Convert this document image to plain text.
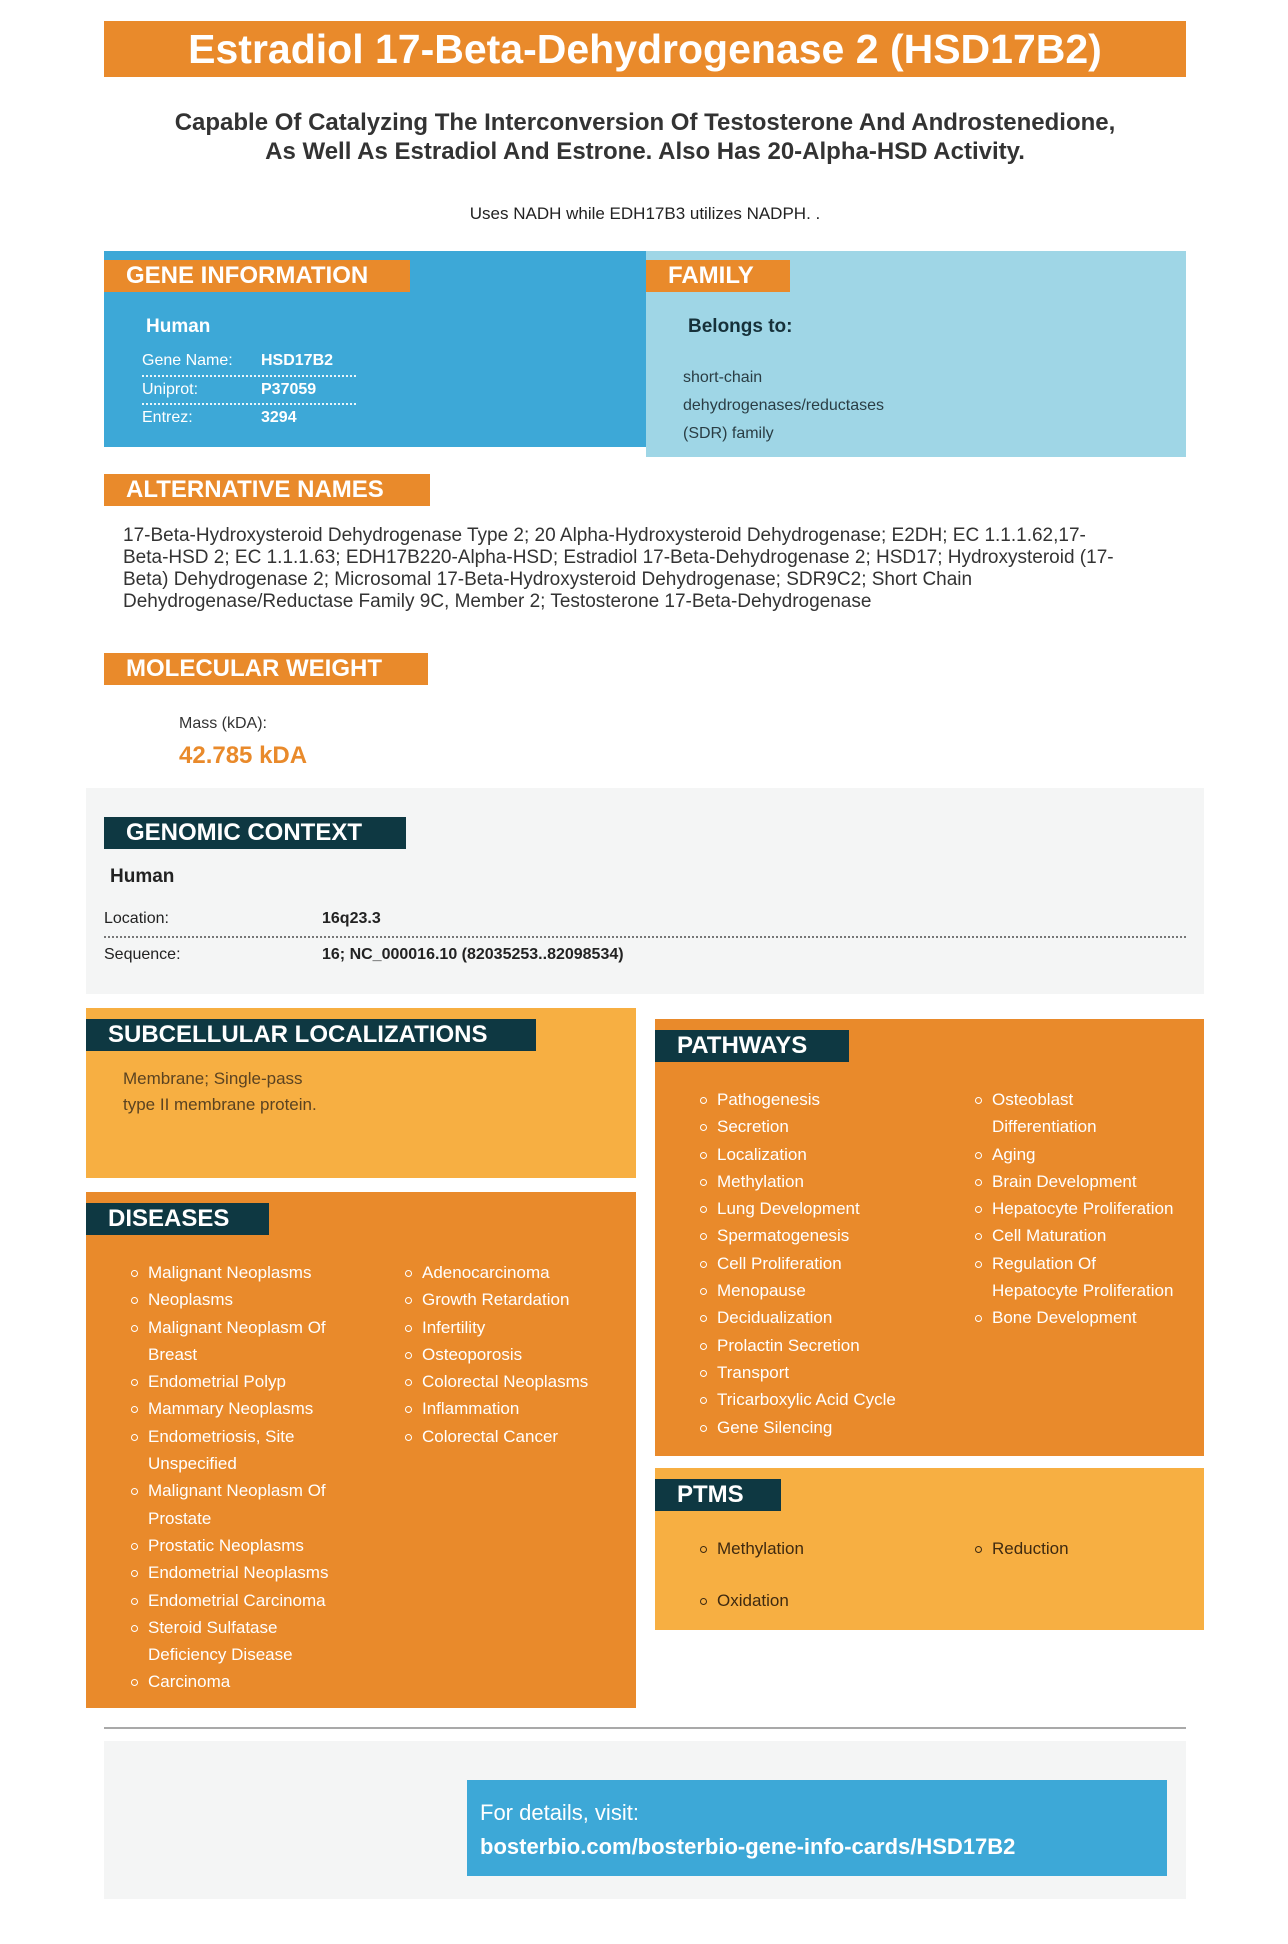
Estradiol 17-Beta-Dehydrogenase 2 (HSD17B2)
Capable Of Catalyzing The Interconversion Of Testosterone And Androstenedione,
As Well As Estradiol And Estrone. Also Has 20-Alpha-HSD Activity.
Uses NADH while EDH17B3 utilizes NADPH. .
GENE INFORMATION
Human
Gene Name:	HSD17B2
Uniprot:	P37059
Entrez:	3294
FAMILY
Belongs to:
short-chain
dehydrogenases/reductases
(SDR) family
ALTERNATIVE NAMES
17-Beta-Hydroxysteroid Dehydrogenase Type 2; 20 Alpha-Hydroxysteroid Dehydrogenase; E2DH; EC 1.1.1.62,17-
Beta-HSD 2; EC 1.1.1.63; EDH17B220-Alpha-HSD; Estradiol 17-Beta-Dehydrogenase 2; HSD17; Hydroxysteroid (17-
Beta) Dehydrogenase 2; Microsomal 17-Beta-Hydroxysteroid Dehydrogenase; SDR9C2; Short Chain
Dehydrogenase/Reductase Family 9C, Member 2; Testosterone 17-Beta-Dehydrogenase
MOLECULAR WEIGHT
Mass (kDA):
42.785 kDA
GENOMIC CONTEXT
Human
Location:	16q23.3
Sequence:	16; NC_000016.10 (82035253..82098534)
SUBCELLULAR LOCALIZATIONS
Membrane; Single-pass
type II membrane protein.
DISEASES
Malignant Neoplasms
Neoplasms
Malignant Neoplasm Of
Breast
Endometrial Polyp
Mammary Neoplasms
Endometriosis, Site
Unspecified
Malignant Neoplasm Of
Prostate
Prostatic Neoplasms
Endometrial Neoplasms
Endometrial Carcinoma
Steroid Sulfatase
Deficiency Disease
Carcinoma
Adenocarcinoma
Growth Retardation
Infertility
Osteoporosis
Colorectal Neoplasms
Inflammation
Colorectal Cancer
PATHWAYS
Pathogenesis
Secretion
Localization
Methylation
Lung Development
Spermatogenesis
Cell Proliferation
Menopause
Decidualization
Prolactin Secretion
Transport
Tricarboxylic Acid Cycle
Gene Silencing
Osteoblast
Differentiation
Aging
Brain Development
Hepatocyte Proliferation
Cell Maturation
Regulation Of
Hepatocyte Proliferation
Bone Development
PTMS
Methylation
Oxidation
Reduction
For details, visit:
bosterbio.com/bosterbio-gene-info-cards/HSD17B2
